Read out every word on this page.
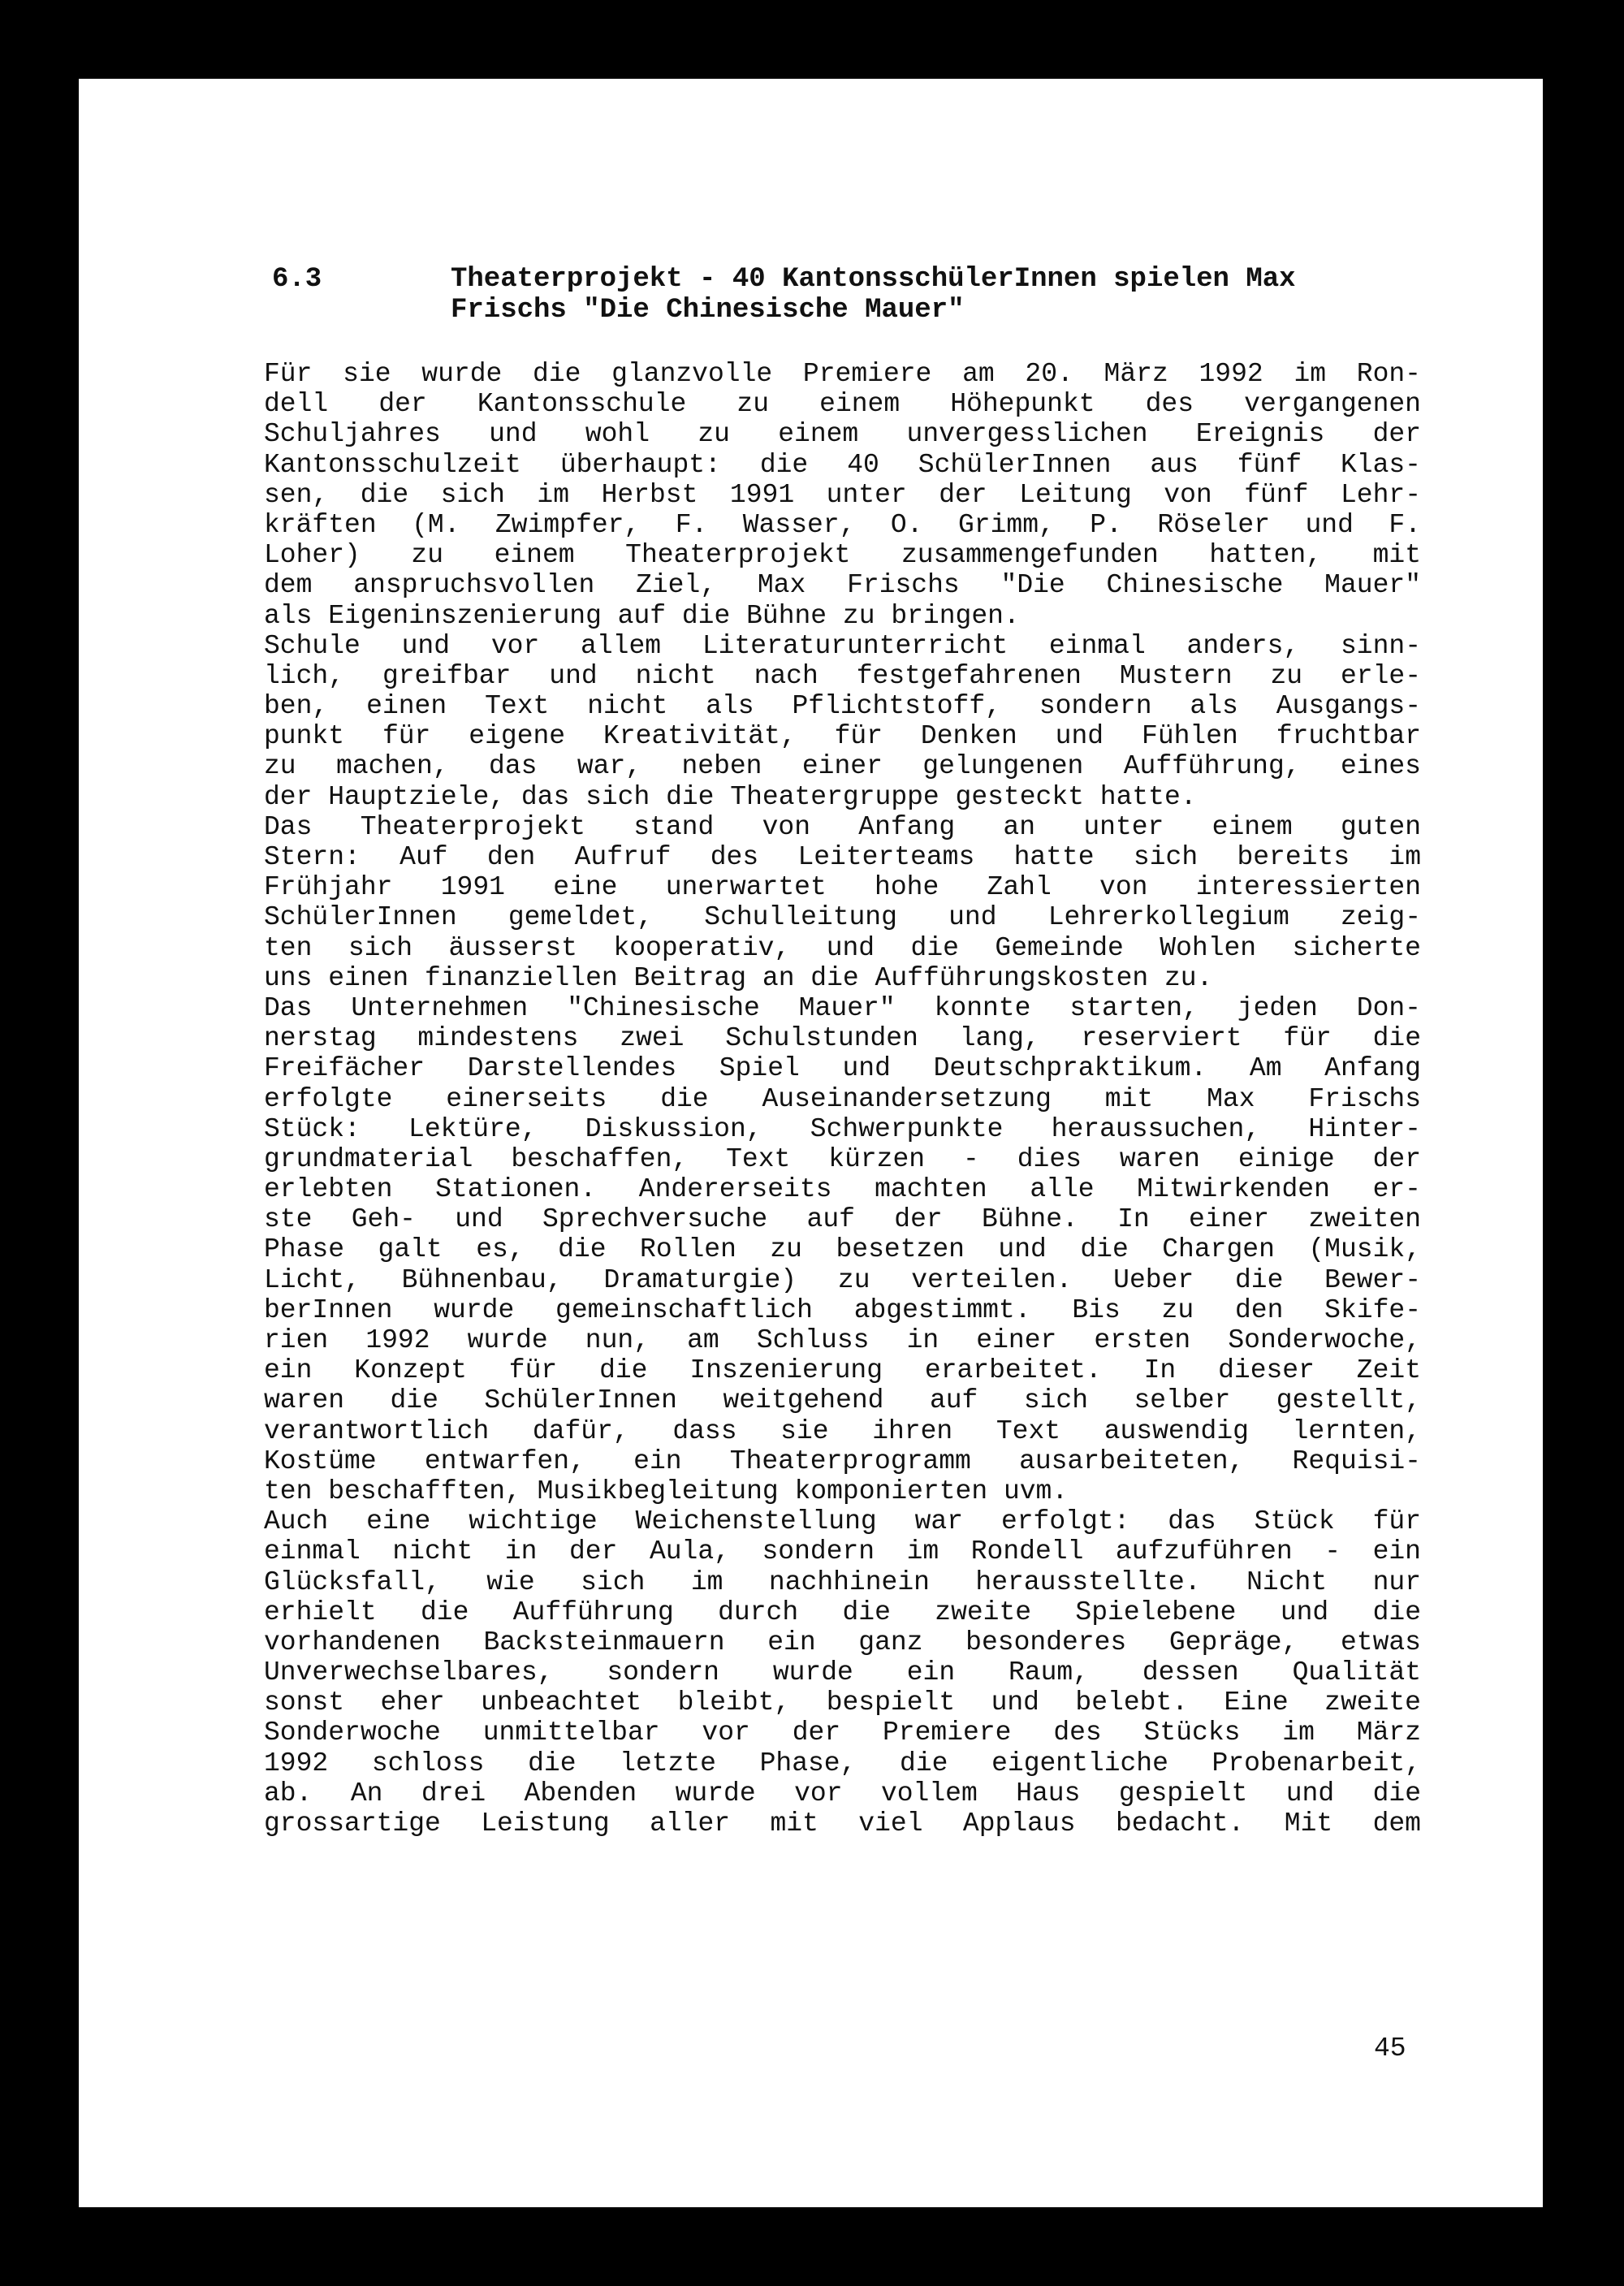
6.3	Theaterprojekt - 40 KantonsschülerInnen spielen Max
Frischs "Die Chinesische Mauer"
Für sie wurde die glanzvolle Premiere am 20. März 1992 im Ron-
dell der Kantonsschule zu einem Höhepunkt des vergangenen
Schuljahres und wohl zu einem unvergesslichen Ereignis der
Kantonsschulzeit überhaupt: die 40 SchülerInnen aus fünf Klas-
sen, die sich im Herbst 1991 unter der Leitung von fünf Lehr-
kräften (M. Zwimpfer, F. Wasser, O. Grimm, P. Röseler und F.
Loher) zu einem Theaterprojekt zusammengefunden hatten, mit
dem anspruchsvollen Ziel, Max Frischs "Die Chinesische Mauer"
als Eigeninszenierung auf die Bühne zu bringen.
Schule und vor allem Literaturunterricht einmal anders, sinn-
lich, greifbar und nicht nach festgefahrenen Mustern zu erle-
ben, einen Text nicht als Pflichtstoff, sondern als Ausgangs-
punkt für eigene Kreativität, für Denken und Fühlen fruchtbar
zu machen, das war, neben einer gelungenen Aufführung, eines
der Hauptziele, das sich die Theatergruppe gesteckt hatte.
Das Theaterprojekt stand von Anfang an unter einem guten
Stern: Auf den Aufruf des Leiterteams hatte sich bereits im
Frühjahr 1991 eine unerwartet hohe Zahl von interessierten
SchülerInnen gemeldet, Schulleitung und Lehrerkollegium zeig-
ten sich äusserst kooperativ, und die Gemeinde Wohlen sicherte
uns einen finanziellen Beitrag an die Aufführungskosten zu.
Das Unternehmen "Chinesische Mauer" konnte starten, jeden Don-
nerstag mindestens zwei Schulstunden lang, reserviert für die
Freifächer Darstellendes Spiel und Deutschpraktikum. Am Anfang
erfolgte einerseits die Auseinandersetzung mit Max Frischs
Stück: Lektüre, Diskussion, Schwerpunkte heraussuchen, Hinter-
grundmaterial beschaffen, Text kürzen - dies waren einige der
erlebten Stationen. Andererseits machten alle Mitwirkenden er-
ste Geh- und Sprechversuche auf der Bühne. In einer zweiten
Phase galt es, die Rollen zu besetzen und die Chargen (Musik,
Licht, Bühnenbau, Dramaturgie) zu verteilen. Ueber die Bewer-
berInnen wurde gemeinschaftlich abgestimmt. Bis zu den Skife-
rien 1992 wurde nun, am Schluss in einer ersten Sonderwoche,
ein Konzept für die Inszenierung erarbeitet. In dieser Zeit
waren die SchülerInnen weitgehend auf sich selber gestellt,
verantwortlich dafür, dass sie ihren Text auswendig lernten,
Kostüme entwarfen, ein Theaterprogramm ausarbeiteten, Requisi-
ten beschafften, Musikbegleitung komponierten uvm.
Auch eine wichtige Weichenstellung war erfolgt: das Stück für
einmal nicht in der Aula, sondern im Rondell aufzuführen - ein
Glücksfall, wie sich im nachhinein herausstellte. Nicht nur
erhielt die Aufführung durch die zweite Spielebene und die
vorhandenen Backsteinmauern ein ganz besonderes Gepräge, etwas
Unverwechselbares, sondern wurde ein Raum, dessen Qualität
sonst eher unbeachtet bleibt, bespielt und belebt. Eine zweite
Sonderwoche unmittelbar vor der Premiere des Stücks im März
1992 schloss die letzte Phase, die eigentliche Probenarbeit,
ab. An drei Abenden wurde vor vollem Haus gespielt und die
grossartige Leistung aller mit viel Applaus bedacht. Mit dem
45
